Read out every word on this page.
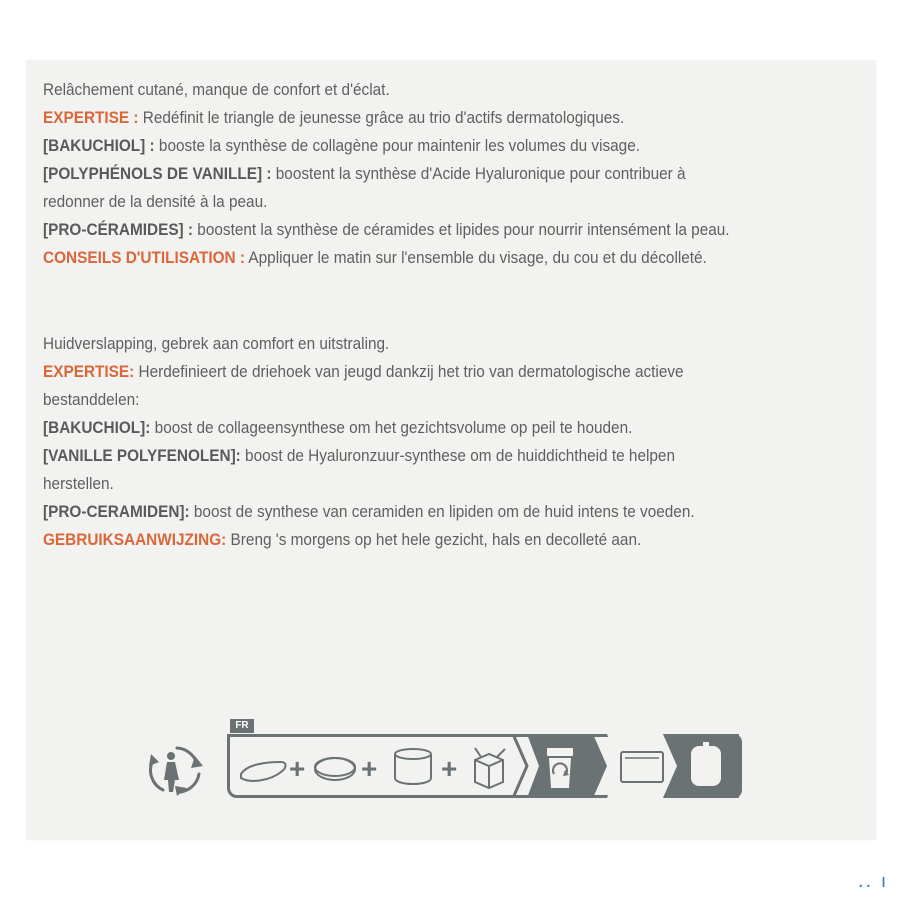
Relâchement cutané, manque de confort et d'éclat.

EXPERTISE : Redéfinit le triangle de jeunesse grâce au trio d'actifs dermatologiques.

[BAKUCHIOL] : booste la synthèse de collagène pour maintenir les volumes du visage.

[POLYPHÉNOLS DE VANILLE] : boostent la synthèse d'Acide Hyaluronique pour contribuer à
redonner de la densité à la peau.

[PRO-CÉRAMIDES] : boostent la synthèse de céramides et lipides pour nourrir intensément la peau.

CONSEILS D'UTILISATION : Appliquer le matin sur l'ensemble du visage, du cou et du décolleté.

Huidverslapping, gebrek aan comfort en uitstraling.

EXPERTISE: Herdefinieert de driehoek van jeugd dankzij het trio van dermatologische actieve
bestanddelen:

[BAKUCHIOL]: boost de collageensynthese om het gezichtsvolume op peil te houden.

[VANILLE POLYFENOLEN]: boost de Hyaluronzuur-synthese om de huiddichtheid te helpen
herstellen.

[PRO-CERAMIDEN]: boost de synthese van ceramiden en lipiden om de huid intens te voeden.

GEBRUIKSAANWIJZING: Breng 's morgens op het hele gezicht, hals en decolleté aan.

FR
+ + +
.. ı
